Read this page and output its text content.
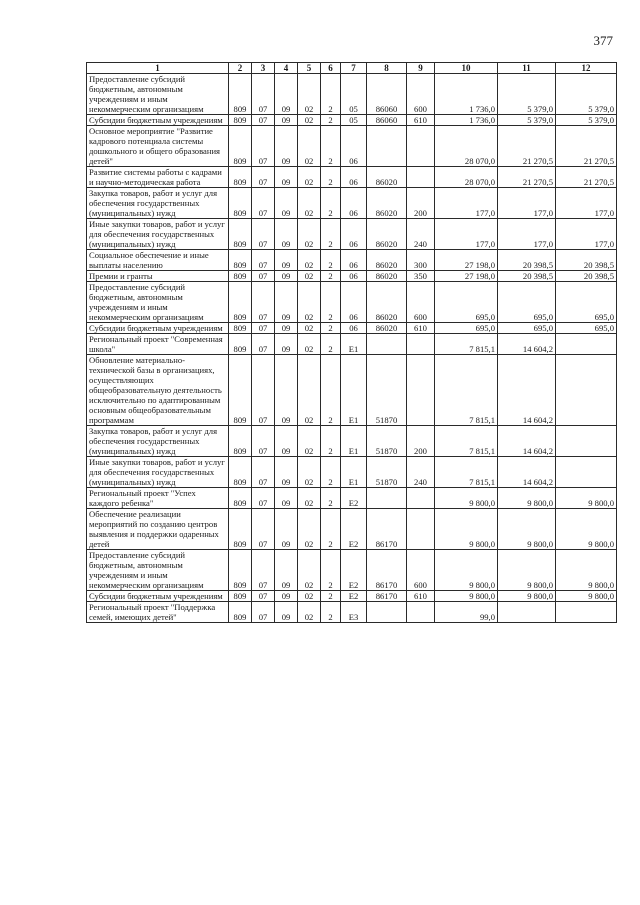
377
1	2	3	4	5	6	7	8	9	10	11	12
Предоставление субсидий бюджетным, автономным учреждениям и иным некоммерческим организациям	809	07	09	02	2	05	86060	600	1 736,0	5 379,0	5 379,0
Субсидии бюджетным учреждениям	809	07	09	02	2	05	86060	610	1 736,0	5 379,0	5 379,0
Основное мероприятие "Развитие кадрового потенциала системы дошкольного и общего образования детей"	809	07	09	02	2	06			28 070,0	21 270,5	21 270,5
Развитие системы работы с кадрами и научно-методическая работа	809	07	09	02	2	06	86020		28 070,0	21 270,5	21 270,5
Закупка товаров, работ и услуг для обеспечения государственных (муниципальных) нужд	809	07	09	02	2	06	86020	200	177,0	177,0	177,0
Иные закупки товаров, работ и услуг для обеспечения государственных (муниципальных) нужд	809	07	09	02	2	06	86020	240	177,0	177,0	177,0
Социальное обеспечение и иные выплаты населению	809	07	09	02	2	06	86020	300	27 198,0	20 398,5	20 398,5
Премии и гранты	809	07	09	02	2	06	86020	350	27 198,0	20 398,5	20 398,5
Предоставление субсидий бюджетным, автономным учреждениям и иным некоммерческим организациям	809	07	09	02	2	06	86020	600	695,0	695,0	695,0
Субсидии бюджетным учреждениям	809	07	09	02	2	06	86020	610	695,0	695,0	695,0
Региональный проект "Современная школа"	809	07	09	02	2	E1			7 815,1	14 604,2	
Обновление материально-технической базы в организациях, осуществляющих общеобразовательную деятельность исключительно по адаптированным основным общеобразовательным программам	809	07	09	02	2	E1	51870		7 815,1	14 604,2	
Закупка товаров, работ и услуг для обеспечения государственных (муниципальных) нужд	809	07	09	02	2	E1	51870	200	7 815,1	14 604,2	
Иные закупки товаров, работ и услуг для обеспечения государственных (муниципальных) нужд	809	07	09	02	2	E1	51870	240	7 815,1	14 604,2	
Региональный проект "Успех каждого ребенка"	809	07	09	02	2	E2			9 800,0	9 800,0	9 800,0
Обеспечение реализации мероприятий по созданию центров выявления и поддержки одаренных детей	809	07	09	02	2	E2	86170		9 800,0	9 800,0	9 800,0
Предоставление субсидий бюджетным, автономным учреждениям и иным некоммерческим организациям	809	07	09	02	2	E2	86170	600	9 800,0	9 800,0	9 800,0
Субсидии бюджетным учреждениям	809	07	09	02	2	E2	86170	610	9 800,0	9 800,0	9 800,0
Региональный проект "Поддержка семей, имеющих детей"	809	07	09	02	2	E3			99,0		
